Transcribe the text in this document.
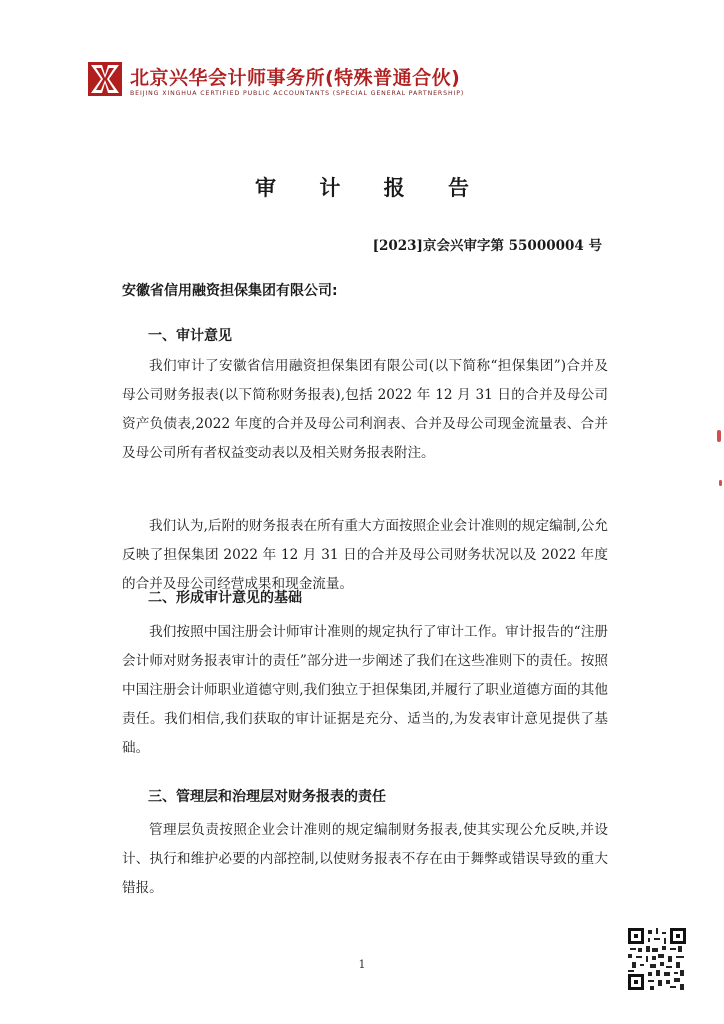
北京兴华会计师事务所(特殊普通合伙)
BEIJING XINGHUA CERTIFIED PUBLIC ACCOUNTANTS (SPECIAL GENERAL PARTNERSHIP)
审 计 报 告
[2023]京会兴审字第 55000004 号
安徽省信用融资担保集团有限公司:
一、审计意见
我们审计了安徽省信用融资担保集团有限公司(以下简称“担保集团”)合并及母公司财务报表(以下简称财务报表),包括 2022 年 12 月 31 日的合并及母公司资产负债表,2022 年度的合并及母公司利润表、合并及母公司现金流量表、合并及母公司所有者权益变动表以及相关财务报表附注。
我们认为,后附的财务报表在所有重大方面按照企业会计准则的规定编制,公允反映了担保集团 2022 年 12 月 31 日的合并及母公司财务状况以及 2022 年度的合并及母公司经营成果和现金流量。
二、形成审计意见的基础
我们按照中国注册会计师审计准则的规定执行了审计工作。审计报告的“注册会计师对财务报表审计的责任”部分进一步阐述了我们在这些准则下的责任。按照中国注册会计师职业道德守则,我们独立于担保集团,并履行了职业道德方面的其他责任。我们相信,我们获取的审计证据是充分、适当的,为发表审计意见提供了基础。
三、管理层和治理层对财务报表的责任
管理层负责按照企业会计准则的规定编制财务报表,使其实现公允反映,并设计、执行和维护必要的内部控制,以使财务报表不存在由于舞弊或错误导致的重大错报。
1
